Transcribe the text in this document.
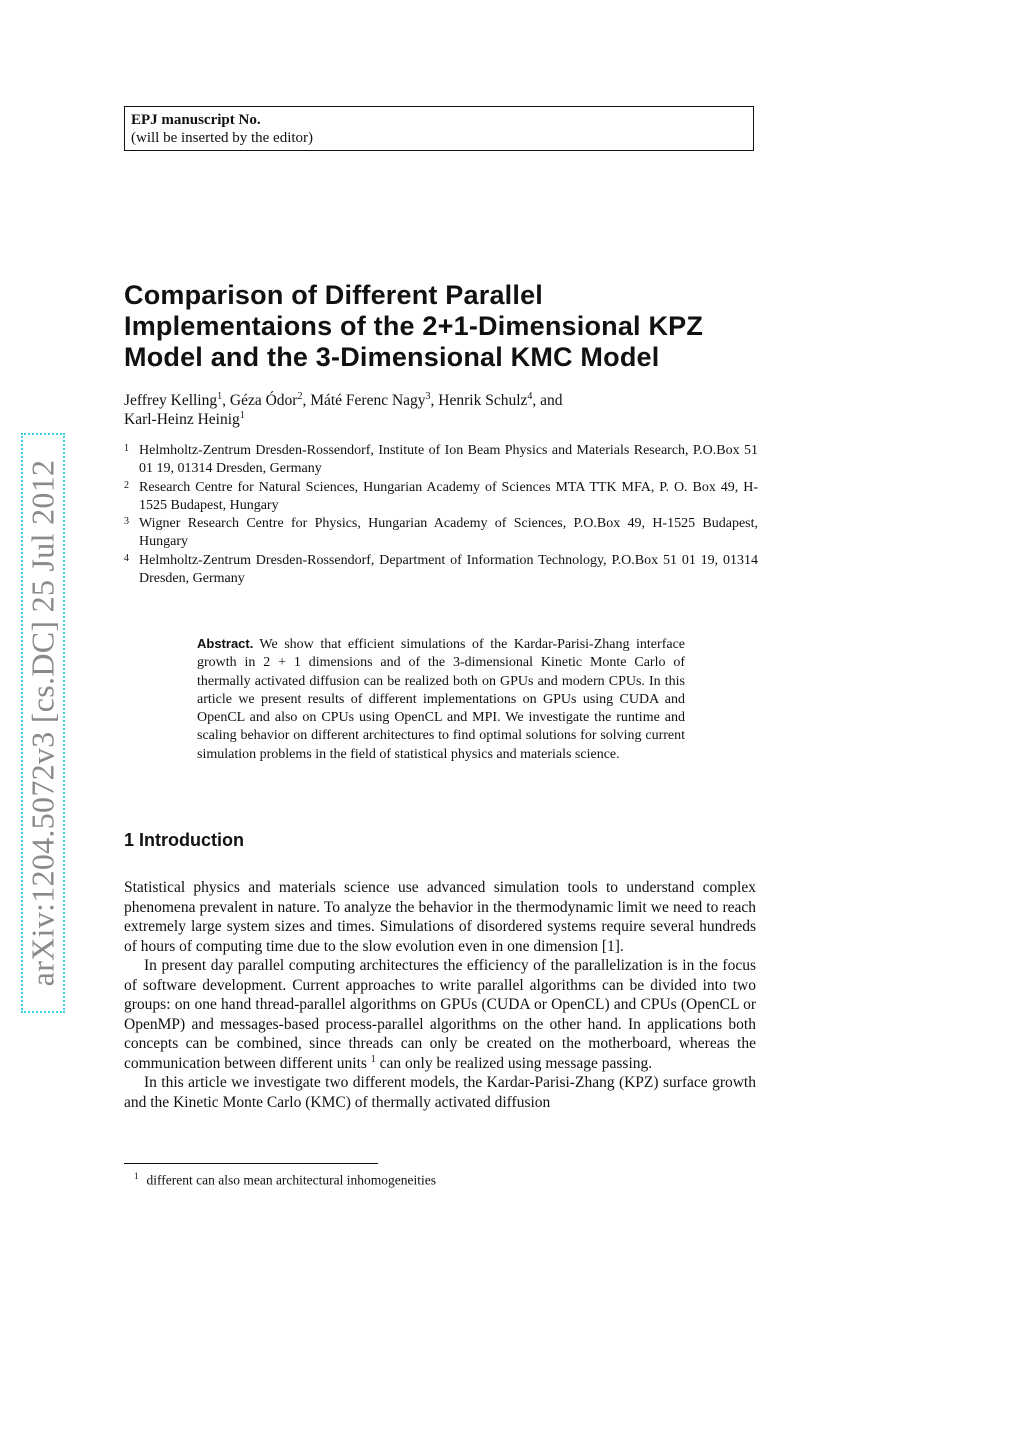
EPJ manuscript No.
(will be inserted by the editor)
Comparison of Different Parallel
Implementaions of the 2+1-Dimensional KPZ
Model and the 3-Dimensional KMC Model
Jeffrey Kelling$^1$, Géza Ódor$^2$, Máté Ferenc Nagy$^3$, Henrik Schulz$^4$, and
Karl-Heinz Heinig$^1$
1 Helmholtz-Zentrum Dresden-Rossendorf, Institute of Ion Beam Physics and Materials Research, P.O.Box 51 01 19, 01314 Dresden, Germany
2 Research Centre for Natural Sciences, Hungarian Academy of Sciences MTA TTK MFA, P. O. Box 49, H-1525 Budapest, Hungary
3 Wigner Research Centre for Physics, Hungarian Academy of Sciences, P.O.Box 49, H-1525 Budapest, Hungary
4 Helmholtz-Zentrum Dresden-Rossendorf, Department of Information Technology, P.O.Box 51 01 19, 01314 Dresden, Germany
Abstract. We show that efficient simulations of the Kardar-Parisi-Zhang interface growth in 2 + 1 dimensions and of the 3-dimensional Kinetic Monte Carlo of thermally activated diffusion can be realized both on GPUs and modern CPUs. In this article we present results of different implementations on GPUs using CUDA and OpenCL and also on CPUs using OpenCL and MPI. We investigate the runtime and scaling behavior on different architectures to find optimal solutions for solving current simulation problems in the field of statistical physics and materials science.
1 Introduction

Statistical physics and materials science use advanced simulation tools to understand complex phenomena prevalent in nature. To analyze the behavior in the thermodynamic limit we need to reach extremely large system sizes and times. Simulations of disordered systems require several hundreds of hours of computing time due to the slow evolution even in one dimension [1].

In present day parallel computing architectures the efficiency of the parallelization is in the focus of software development. Current approaches to write parallel algorithms can be divided into two groups: on one hand thread-parallel algorithms on GPUs (CUDA or OpenCL) and CPUs (OpenCL or OpenMP) and messages-based process-parallel algorithms on the other hand. In applications both concepts can be combined, since threads can only be created on the motherboard, whereas the communication between different units $^1$ can only be realized using message passing.

In this article we investigate two different models, the Kardar-Parisi-Zhang (KPZ) surface growth and the Kinetic Monte Carlo (KMC) of thermally activated diffusion

$^1$ different can also mean architectural inhomogeneities
arXiv:1204.5072v3 [cs.DC] 25 Jul 2012
